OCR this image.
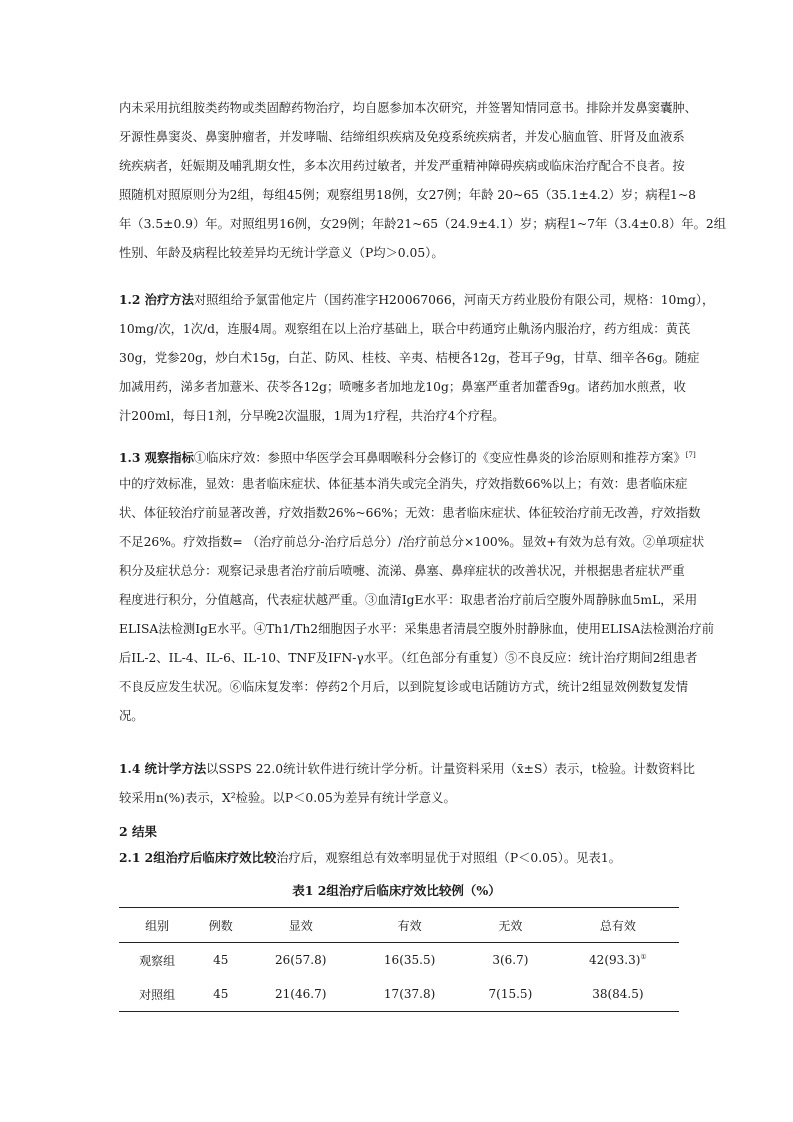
内未采用抗组胺类药物或类固醇药物治疗，均自愿参加本次研究，并签署知情同意书。排除并发鼻窦囊肿、
牙源性鼻窦炎、鼻窦肿瘤者，并发哮喘、结缔组织疾病及免疫系统疾病者，并发心脑血管、肝肾及血液系
统疾病者，妊娠期及哺乳期女性，多本次用药过敏者，并发严重精神障碍疾病或临床治疗配合不良者。按
照随机对照原则分为2组，每组45例；观察组男18例，女27例；年龄 20~65（35.1±4.2）岁；病程1~8
年（3.5±0.9）年。对照组男16例，女29例；年龄21~65（24.9±4.1）岁；病程1~7年（3.4±0.8）年。2组
性别、年龄及病程比较差异均无统计学意义（P均＞0.05）。
1.2 治疗方法对照组给予氯雷他定片（国药准字H20067066，河南天方药业股份有限公司，规格：10mg），
10mg/次，1次/d，连服4周。观察组在以上治疗基础上，联合中药通窍止鼽汤内服治疗，药方组成：黄芪
30g，党参20g，炒白术15g，白芷、防风、桂枝、辛夷、桔梗各12g，苍耳子9g，甘草、细辛各6g。随症
加减用药，涕多者加薏米、茯苓各12g；喷嚏多者加地龙10g；鼻塞严重者加藿香9g。诸药加水煎煮，收
汁200ml，每日1剂，分早晚2次温服，1周为1疗程，共治疗4个疗程。
1.3 观察指标①临床疗效：参照中华医学会耳鼻咽喉科分会修订的《变应性鼻炎的诊治原则和推荐方案》[7]
中的疗效标准，显效：患者临床症状、体征基本消失或完全消失，疗效指数66%以上；有效：患者临床症
状、体征较治疗前显著改善，疗效指数26%~66%；无效：患者临床症状、体征较治疗前无改善，疗效指数
不足26%。疗效指数= （治疗前总分-治疗后总分）/治疗前总分×100%。显效+有效为总有效。②单项症状
积分及症状总分：观察记录患者治疗前后喷嚏、流涕、鼻塞、鼻痒症状的改善状况，并根据患者症状严重
程度进行积分，分值越高，代表症状越严重。③血清IgE水平：取患者治疗前后空腹外周静脉血5mL，采用
ELISA法检测IgE水平。④Th1/Th2细胞因子水平：采集患者清晨空腹外肘静脉血，使用ELISA法检测治疗前
后IL-2、IL-4、IL-6、IL-10、TNF及IFN-γ水平。（红色部分有重复）⑤不良反应：统计治疗期间2组患者
不良反应发生状况。⑥临床复发率：停药2个月后，以到院复诊或电话随访方式，统计2组显效例数复发情
况。
1.4 统计学方法以SSPS 22.0统计软件进行统计学分析。计量资料采用（x̄±S）表示，t检验。计数资料比
较采用n(%)表示，X²检验。以P＜0.05为差异有统计学意义。
2 结果
2.1 2组治疗后临床疗效比较治疗后，观察组总有效率明显优于对照组（P＜0.05）。见表1。
表1 2组治疗后临床疗效比较例（%）
组别	例数	显效	有效	无效	总有效
观察组	45	26(57.8)	16(35.5)	3(6.7)	42(93.3)①
对照组	45	21(46.7)	17(37.8)	7(15.5)	38(84.5)
